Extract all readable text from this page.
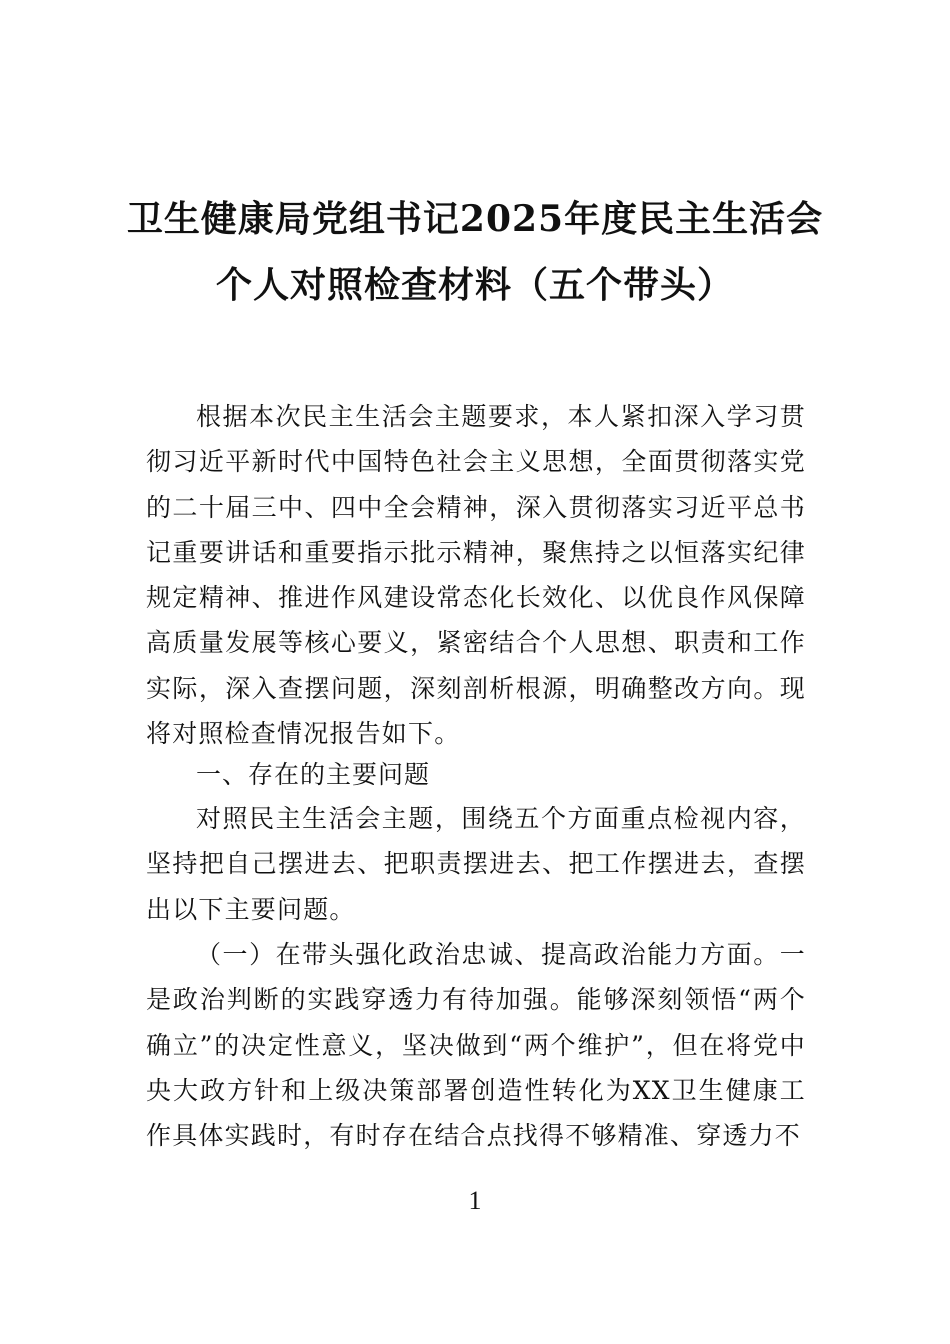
卫生健康局党组书记2025年度民主生活会
个人对照检查材料（五个带头）
根据本次民主生活会主题要求，本人紧扣深入学习贯彻习近平新时代中国特色社会主义思想，全面贯彻落实党的二十届三中、四中全会精神，深入贯彻落实习近平总书记重要讲话和重要指示批示精神，聚焦持之以恒落实纪律规定精神、推进作风建设常态化长效化、以优良作风保障高质量发展等核心要义，紧密结合个人思想、职责和工作实际，深入查摆问题，深刻剖析根源，明确整改方向。现将对照检查情况报告如下。
一、存在的主要问题
对照民主生活会主题，围绕五个方面重点检视内容，坚持把自己摆进去、把职责摆进去、把工作摆进去，查摆出以下主要问题。
（一）在带头强化政治忠诚、提高政治能力方面。一是政治判断的实践穿透力有待加强。能够深刻领悟“两个确立”的决定性意义，坚决做到“两个维护”，但在将党中央大政方针和上级决策部署创造性转化为XX卫生健康工作具体实践时，有时存在结合点找得不够精准、穿透力不
1
